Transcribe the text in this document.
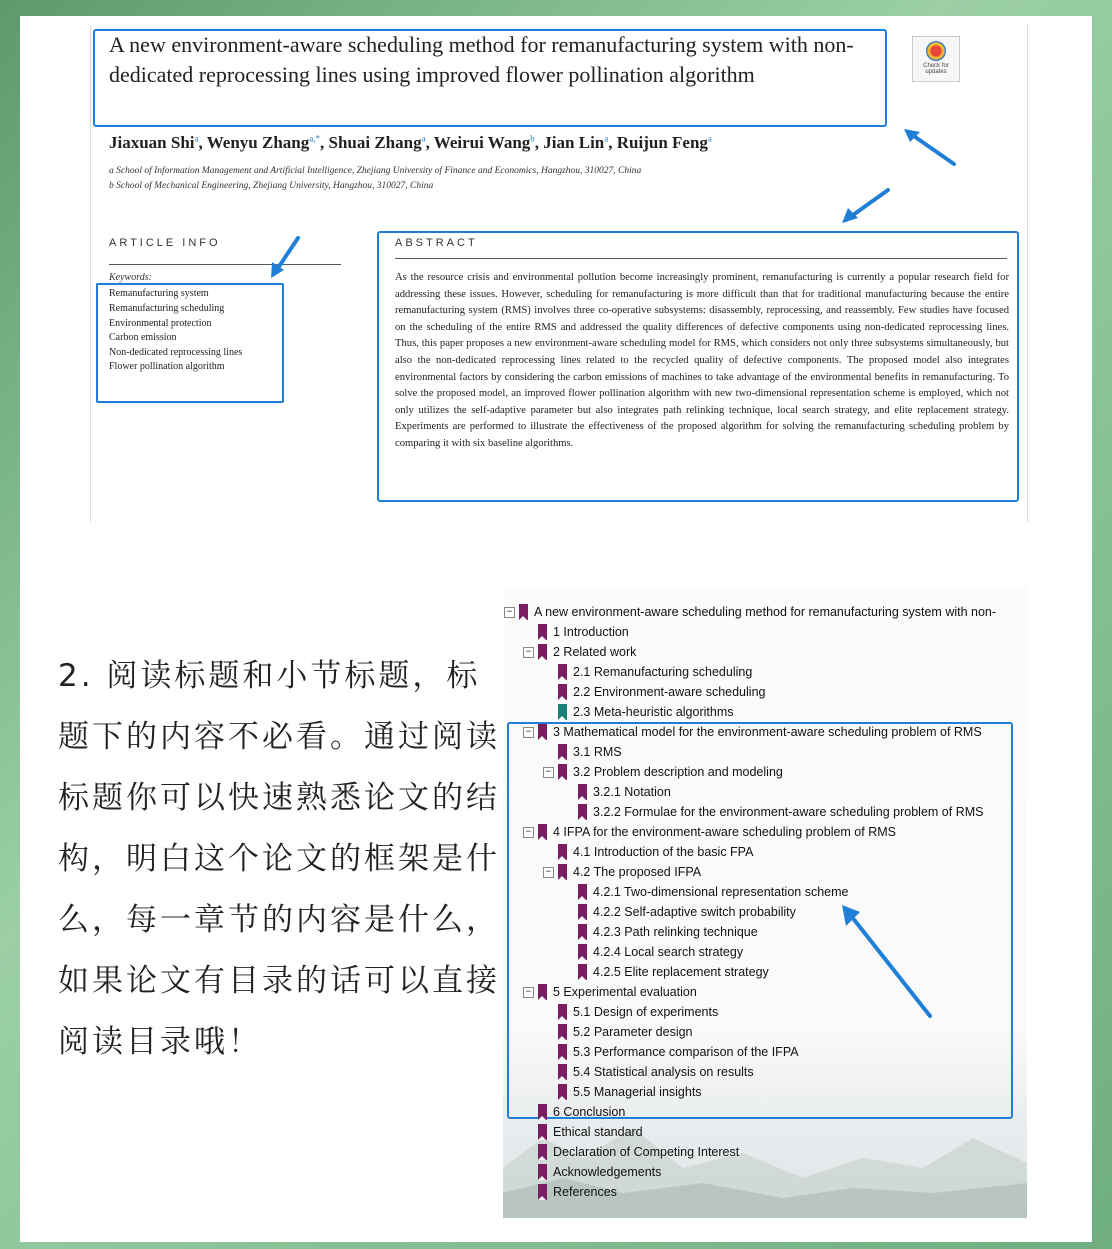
A new environment-aware scheduling method for remanufacturing system with non-dedicated reprocessing lines using improved flower pollination algorithm	Check for updates
Jiaxuan Shi$^a$, Wenyu Zhang$^{a,*}$, Shuai Zhang$^a$, Weirui Wang$^b$, Jian Lin$^a$, Ruijun Feng$^a$
a School of Information Management and Artificial Intelligence, Zhejiang University of Finance and Economics, Hangzhou, 310027, China
b School of Mechanical Engineering, Zhejiang University, Hangzhou, 310027, China
ARTICLE INFO
Keywords:
Remanufacturing system
Remanufacturing scheduling
Environmental protection
Carbon emission
Non-dedicated reprocessing lines
Flower pollination algorithm
ABSTRACT
As the resource crisis and environmental pollution become increasingly prominent, remanufacturing is currently a popular research field for addressing these issues. However, scheduling for remanufacturing is more difficult than that for traditional manufacturing because the entire remanufacturing system (RMS) involves three co-operative subsystems: disassembly, reprocessing, and reassembly. Few studies have focused on the scheduling of the entire RMS and addressed the quality differences of defective components using non-dedicated reprocessing lines. Thus, this paper proposes a new environment-aware scheduling model for RMS, which considers not only three subsystems simultaneously, but also the non-dedicated reprocessing lines related to the recycled quality of defective components. The proposed model also integrates environmental factors by considering the carbon emissions of machines to take advantage of the environmental benefits in remanufacturing. To solve the proposed model, an improved flower pollination algorithm with new two-dimensional representation scheme is employed, which not only utilizes the self-adaptive parameter but also integrates path relinking technique, local search strategy, and elite replacement strategy. Experiments are performed to illustrate the effectiveness of the proposed algorithm for solving the remanufacturing scheduling problem by comparing it with six baseline algorithms.
2. 阅读标题和小节标题，标题下的内容不必看。通过阅读标题你可以快速熟悉论文的结构，明白这个论文的框架是什么，每一章节的内容是什么，如果论文有目录的话可以直接阅读目录哦！
− A new environment-aware scheduling method for remanufacturing system with non-
1 Introduction
− 2 Related work
2.1 Remanufacturing scheduling
2.2 Environment-aware scheduling
2.3 Meta-heuristic algorithms
− 3 Mathematical model for the environment-aware scheduling problem of RMS
3.1 RMS
− 3.2 Problem description and modeling
3.2.1 Notation
3.2.2 Formulae for the environment-aware scheduling problem of RMS
− 4 IFPA for the environment-aware scheduling problem of RMS
4.1 Introduction of the basic FPA
− 4.2 The proposed IFPA
4.2.1 Two-dimensional representation scheme
4.2.2 Self-adaptive switch probability
4.2.3 Path relinking technique
4.2.4 Local search strategy
4.2.5 Elite replacement strategy
− 5 Experimental evaluation
5.1 Design of experiments
5.2 Parameter design
5.3 Performance comparison of the IFPA
5.4 Statistical analysis on results
5.5 Managerial insights
6 Conclusion
Ethical standard
Declaration of Competing Interest
Acknowledgements
References
